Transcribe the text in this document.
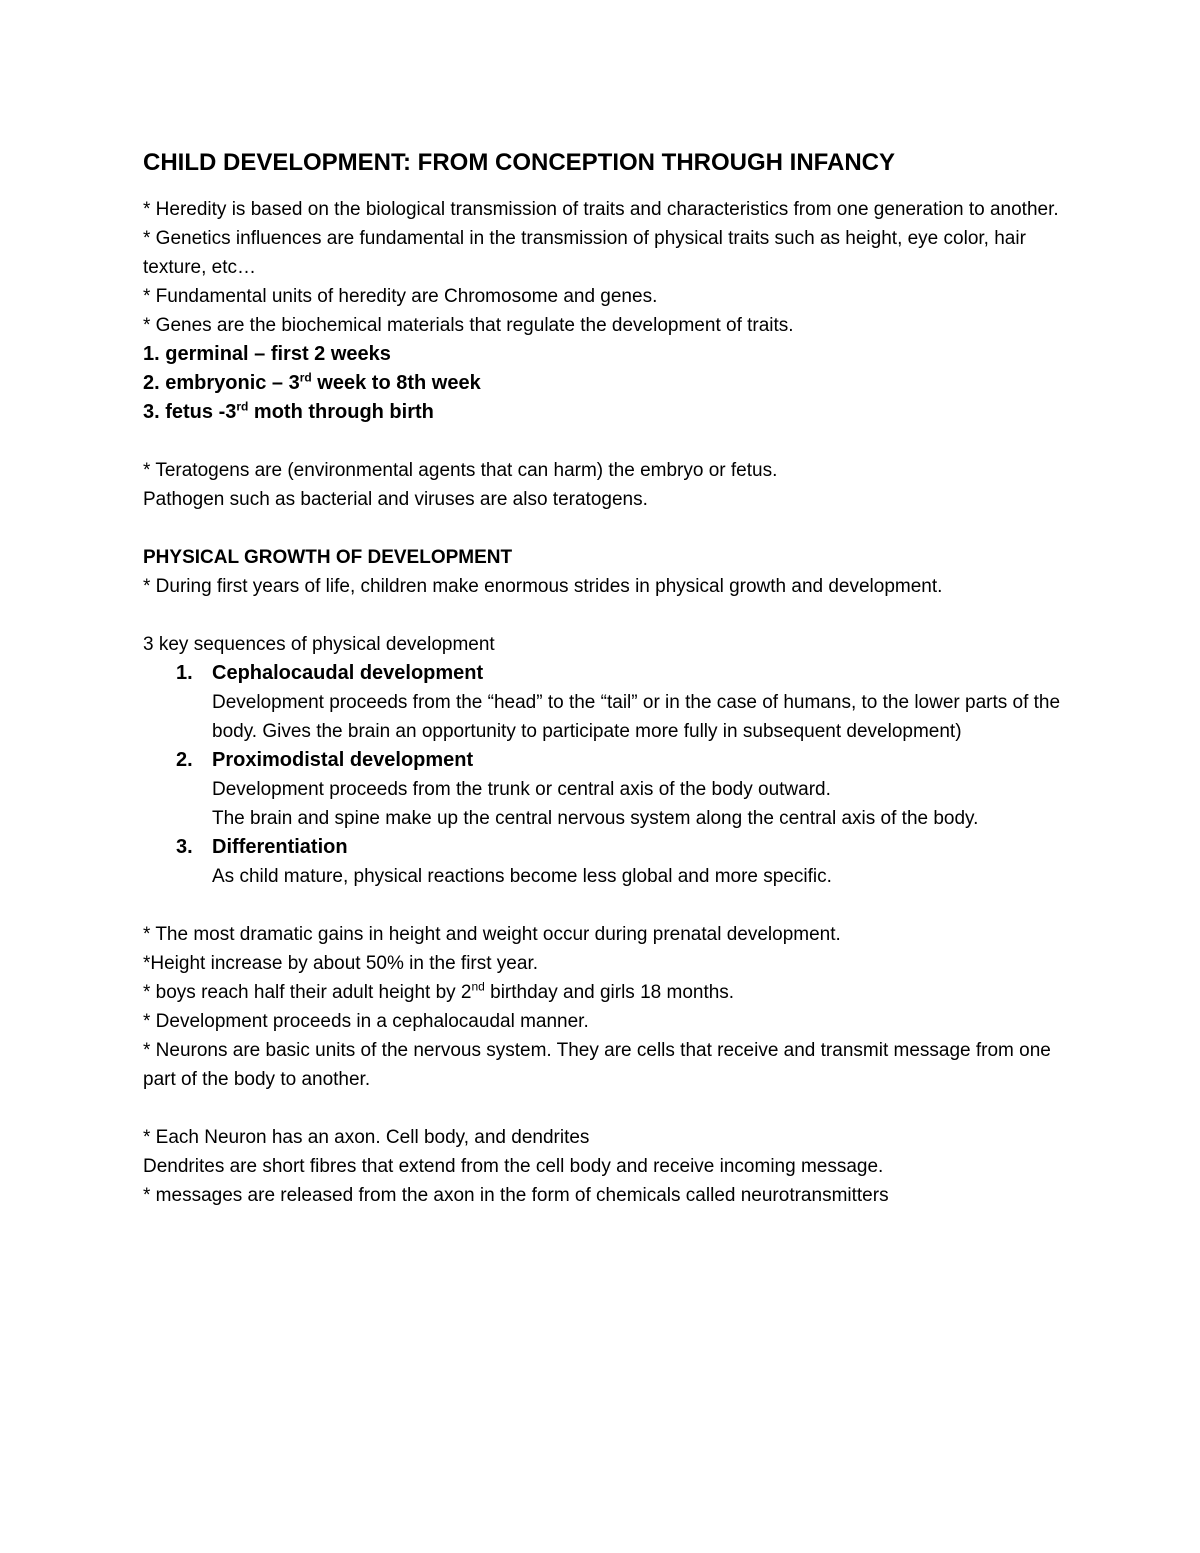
CHILD DEVELOPMENT: FROM CONCEPTION THROUGH INFANCY

* Heredity is based on the biological transmission of traits and characteristics from one generation to another.

* Genetics influences are fundamental in the transmission of physical traits such as height, eye color, hair texture, etc…

* Fundamental units of heredity are Chromosome and genes.

* Genes are the biochemical materials that regulate the development of traits.

1. germinal – first 2 weeks

2. embryonic – 3rd week to 8th week

3. fetus -3rd moth through birth

* Teratogens are (environmental agents that can harm) the embryo or fetus.

Pathogen such as bacterial and viruses are also teratogens.

PHYSICAL GROWTH OF DEVELOPMENT

* During first years of life, children make enormous strides in physical growth and development.

3 key sequences of physical development

1. Cephalocaudal development

Development proceeds from the “head” to the “tail” or in the case of humans, to the lower parts of the body. Gives the brain an opportunity to participate more fully in subsequent development)

2. Proximodistal development

Development proceeds from the trunk or central axis of the body outward.

The brain and spine make up the central nervous system along the central axis of the body.

3. Differentiation

As child mature, physical reactions become less global and more specific.

* The most dramatic gains in height and weight occur during prenatal development.

*Height increase by about 50% in the first year.

* boys reach half their adult height by 2nd birthday and girls 18 months.

* Development proceeds in a cephalocaudal manner.

* Neurons are basic units of the nervous system. They are cells that receive and transmit message from one part of the body to another.

* Each Neuron has an axon. Cell body, and dendrites

Dendrites are short fibres that extend from the cell body and receive incoming message.

* messages are released from the axon in the form of chemicals called neurotransmitters
